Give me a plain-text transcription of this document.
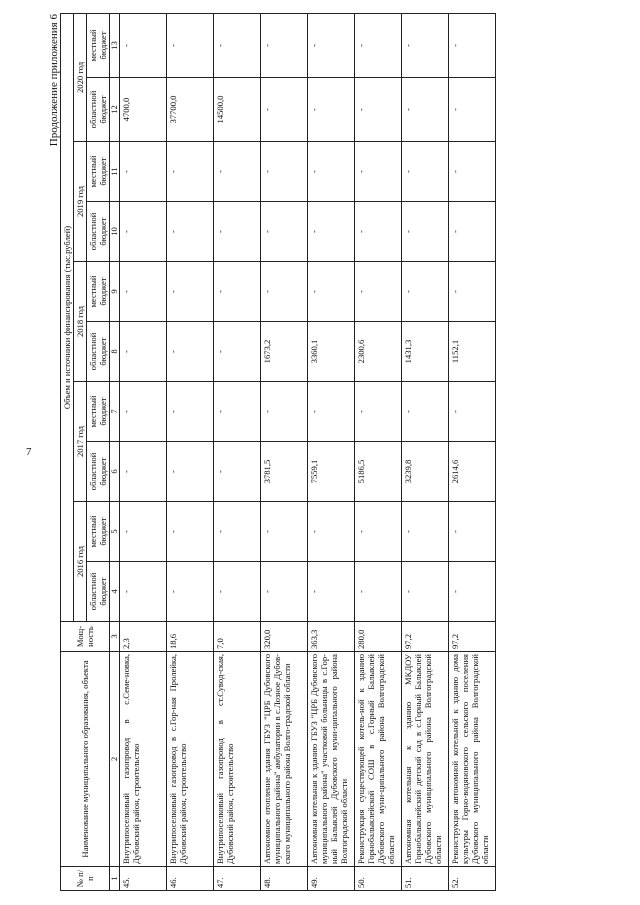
7
Продолжение приложения 6
№ п/п	Наименование муниципального образования, объекта	Мощ-ность	Объем и источники финансирования (тыс.рублей)									
			2016 год		2017 год		2018 год		2019 год		2020 год	
			областной бюджет	местный бюджет	областной бюджет	местный бюджет	областной бюджет	местный бюджет	областной бюджет	местный бюджет	областной бюджет	местный бюджет
1	2	3	4	5	6	7	8	9	10	11	12	13
45.	Внутрипоселковый газопровод в с.Семе-новка, Дубовский район, строительство	2,3	-	-	-	-	-	-	-	-	4700,0	-
46.	Внутрипоселковый газопровод в с.Гор-ная Пролейка, Дубовский район, строительство	18,6	-	-	-	-	-	-	-	-	37700,0	-
47.	Внутрипоселковый газопровод в ст.Сувод-ская, Дубовский район, строительство	7,0	-	-	-	-	-	-	-	-	14500,0	-
48.	Автономное отопление здания ГБУЗ "ЦРБ Дубовского муниципального района" амбулатории в с.Лозное Дубов-ского муниципального района Волго-градской области	320,0	-	-	3781,5	-	1673,2	-	-	-	-	-
49.	Автономная котельная к зданию ГБУЗ "ЦРБ Дубовского муниципального района" участковой больницы в с.Гор-ный Балыклей Дубовского муни-ципального района Волгоградской области	363,3	-	-	7559,1	-	3360,1	-	-	-	-	-
50.	Реконструкция существующей котель-ной к зданию Горнобалыклейской СОШ в с.Горный Балыклей Дубовского муни-ципального района Волгоградской области	280,0	-	-	5186,5	-	2300,6	-	-	-	-	-
51.	Автономная котельная к зданию МКДОУ Горнобалыклейский детский сад в с.Горный Балыклей Дубовского муниципального района Волгоградской области	97,2	-	-	3239,8	-	1431,3	-	-	-	-	-
52.	Реконструкция автономной котельной к зданию дома культуры Горно-водяновского сельского поселения Дубовского муниципального района Волгоградской области	97,2	-	-	2614,6	-	1152,1	-	-	-	-	-
